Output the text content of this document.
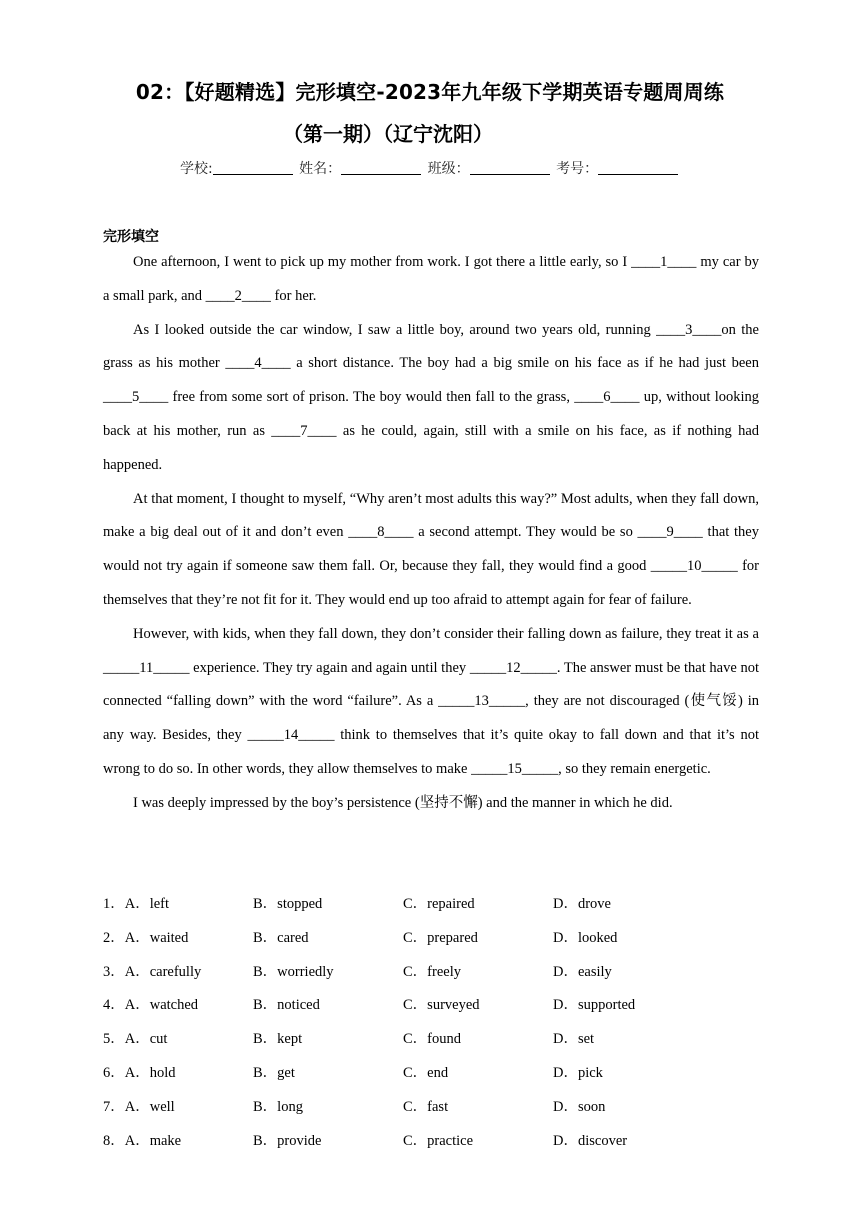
02：【好题精选】完形填空-2023年九年级下学期英语专题周周练
（第一期）（辽宁沈阳）
学校:	姓名：	班级：	考号：
完形填空

One afternoon, I went to pick up my mother from work. I got there a little early, so I ____1____ my car by a small park, and ____2____ for her.

As I looked outside the car window, I saw a little boy, around two years old, running ____3____on the grass as his mother ____4____ a short distance. The boy had a big smile on his face as if he had just been ____5____ free from some sort of prison. The boy would then fall to the grass, ____6____ up, without looking back at his mother, run as ____7____ as he could, again, still with a smile on his face, as if nothing had happened.

At that moment, I thought to myself, “Why aren’t most adults this way?” Most adults, when they fall down, make a big deal out of it and don’t even ____8____ a second attempt. They would be so ____9____ that they would not try again if someone saw them fall. Or, because they fall, they would find a good _____10_____ for themselves that they’re not fit for it. They would end up too afraid to attempt again for fear of failure.

However, with kids, when they fall down, they don’t consider their falling down as failure, they treat it as a _____11_____ experience. They try again and again until they _____12_____. The answer must be that have not connected “falling down” with the word “failure”. As a _____13_____, they are not discouraged (使气馁) in any way. Besides, they _____14_____ think to themselves that it’s quite okay to fall down and that it’s not wrong to do so. In other words, they allow themselves to make _____15_____, so they remain energetic.

I was deeply impressed by the boy’s persistence (坚持不懈) and the manner in which he did.

1．A．left	B．stopped	C．repaired	D．drove
2．A．waited	B．cared	C．prepared	D．looked
3．A．carefully	B．worriedly	C．freely	D．easily
4．A．watched	B．noticed	C．surveyed	D．supported
5．A．cut	B．kept	C．found	D．set
6．A．hold	B．get	C．end	D．pick
7．A．well	B．long	C．fast	D．soon
8．A．make	B．provide	C．practice	D．discover
